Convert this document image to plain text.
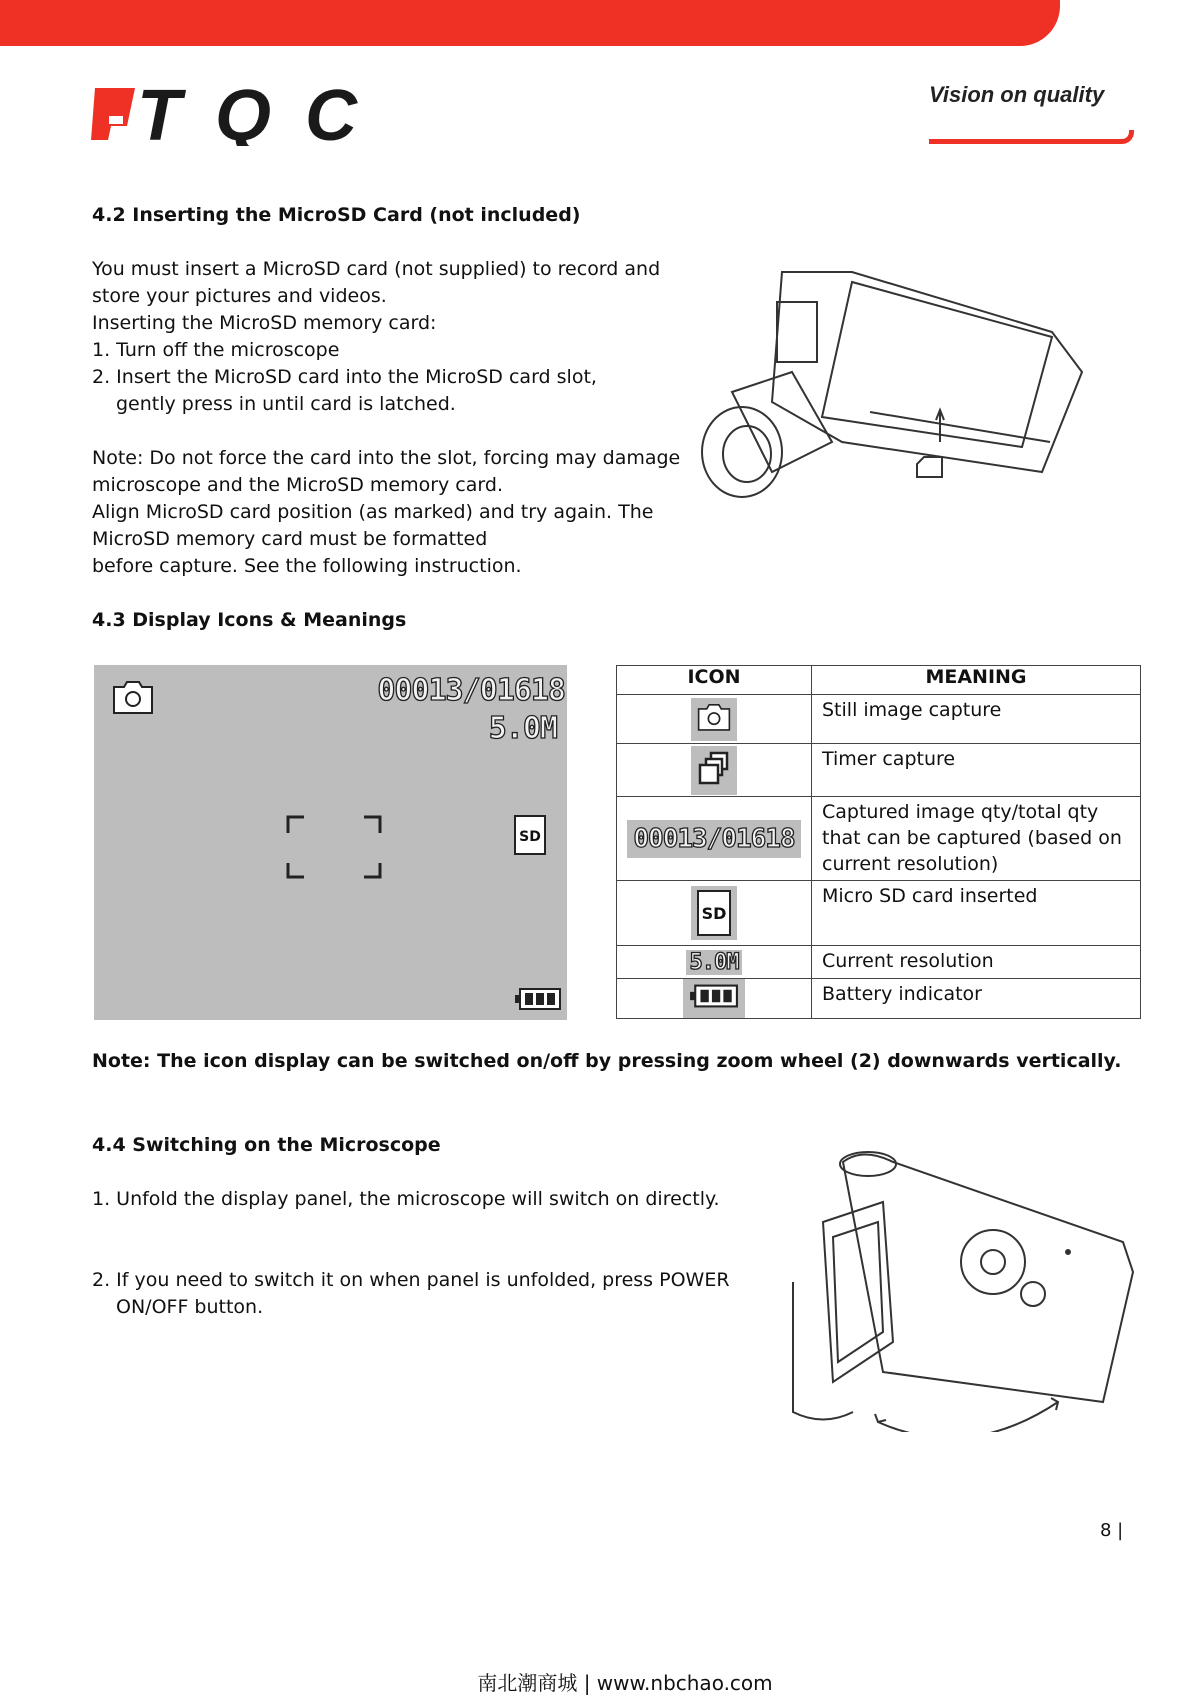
TQC	Vision on quality
4.2 Inserting the MicroSD Card (not included)
You must insert a MicroSD card (not supplied) to record and
store your pictures and videos.
Inserting the MicroSD memory card:
1. Turn off the microscope
2. Insert the MicroSD card into the MicroSD card slot, gently press in until card is latched.
Note: Do not force the card into the slot, forcing may damage
microscope and the MicroSD memory card.
Align MicroSD card position (as marked) and try again. The
MicroSD memory card must be formatted
before capture. See the following instruction.
4.3 Display Icons & Meanings
00013/01618
5.0M
SD
ICON	MEANING
	Still image capture
	Timer capture
00013/01618	Captured image qty/total qty that can be captured (based on current resolution)
SD	Micro SD card inserted
5.0M	Current resolution
	Battery indicator
Note: The icon display can be switched on/off by pressing zoom wheel (2) downwards vertically.
4.4 Switching on the Microscope
1. Unfold the display panel, the microscope will switch on directly.
2. If you need to switch it on when panel is unfolded, press POWER ON/OFF button.
8 |
南北潮商城 | www.nbchao.com
